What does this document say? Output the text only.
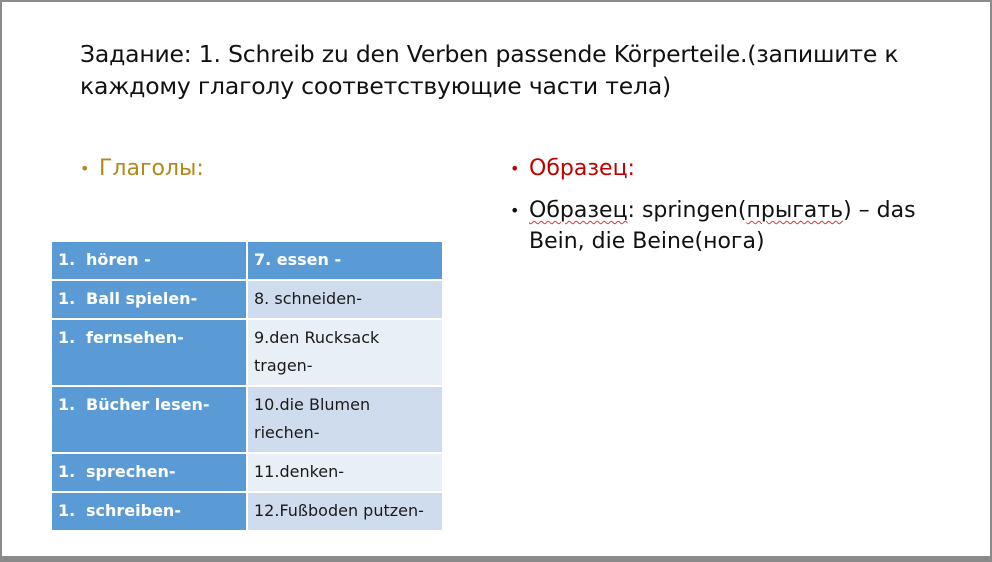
Задание: 1. Schreib zu den Verben passende Körperteile.(запишите к каждому глаголу соответствующие части тела)
• Глаголы:	• Образец:
• Образец: springen(прыгать) – das Bein, die Beine(нога)
1. hören -	7. essen -
1. Ball spielen-	8. schneiden-
1. fernsehen-	9.den Rucksack tragen-
1. Bücher lesen-	10.die Blumen riechen-
1. sprechen-	11.denken-
1. schreiben-	12.Fußboden putzen-
